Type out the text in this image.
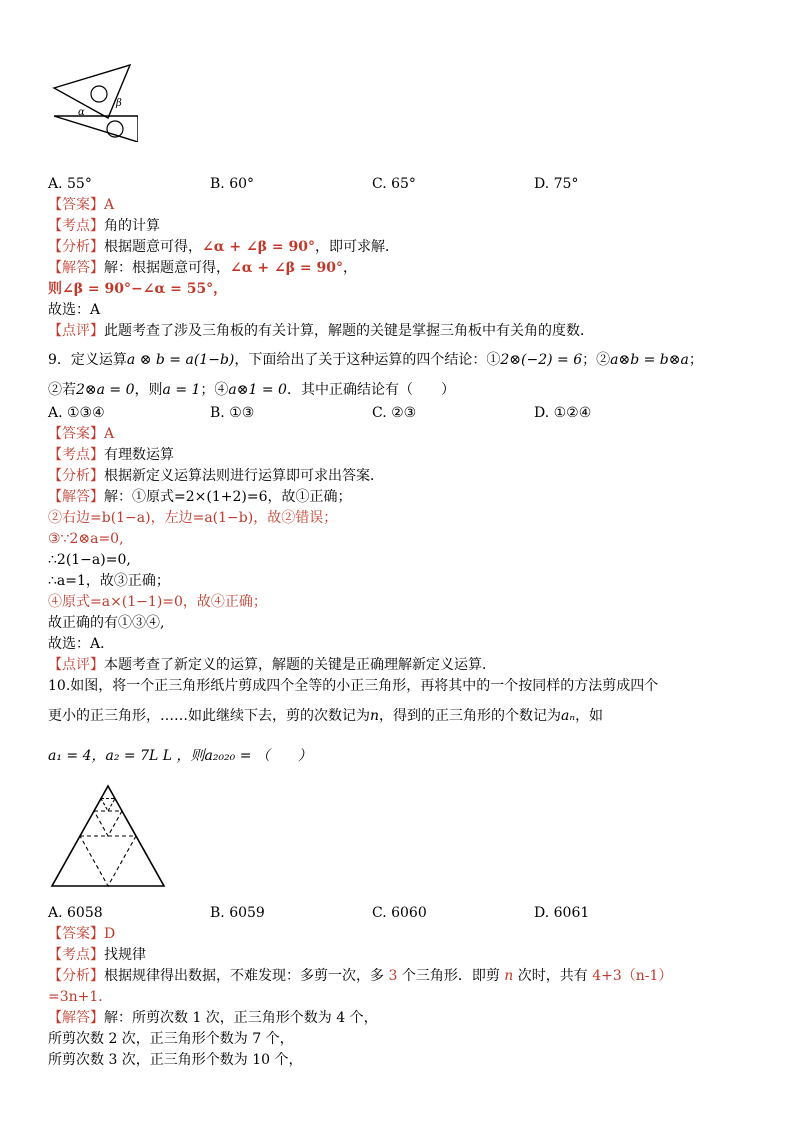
α
β
A. 55°	B. 60°	C. 65°	D. 75°
【答案】A
【考点】角的计算
【分析】根据题意可得，∠α + ∠β = 90°，即可求解．
【解答】解：根据题意可得，∠α + ∠β = 90°，
则∠β = 90°−∠α = 55°，
故选：A
【点评】此题考查了涉及三角板的有关计算，解题的关键是掌握三角板中有关角的度数．
9．定义运算a ⊗ b = a(1−b)，下面给出了关于这种运算的四个结论：①2⊗(−2) = 6；②a⊗b = b⊗a；
②若2⊗a = 0，则a = 1；④a⊗1 = 0．其中正确结论有（　　）
A. ①③④	B. ①③	C. ②③	D. ①②④
【答案】A
【考点】有理数运算
【分析】根据新定义运算法则进行运算即可求出答案．
【解答】解：①原式=2×(1+2)=6，故①正确；
②右边=b(1−a)，左边=a(1−b)，故②错误；
③∵2⊗a=0,
∴2(1−a)=0,
∴a=1，故③正确；
④原式=a×(1−1)=0，故④正确；
故正确的有①③④,
故选：A．
【点评】本题考查了新定义的运算，解题的关键是正确理解新定义运算．
10.如图，将一个正三角形纸片剪成四个全等的小正三角形，再将其中的一个按同样的方法剪成四个
更小的正三角形，……如此继续下去，剪的次数记为n，得到的正三角形的个数记为aₙ，如
a₁ = 4，a₂ = 7L L ，则a₂₀₂₀ = （　　）
A. 6058	B. 6059	C. 6060	D. 6061
【答案】D
【考点】找规律
【分析】根据规律得出数据，不难发现：多剪一次，多 3 个三角形．即剪 n 次时，共有 4+3（n-1）
=3n+1．
【解答】解：所剪次数 1 次，正三角形个数为 4 个，
所剪次数 2 次，正三角形个数为 7 个，
所剪次数 3 次，正三角形个数为 10 个，
